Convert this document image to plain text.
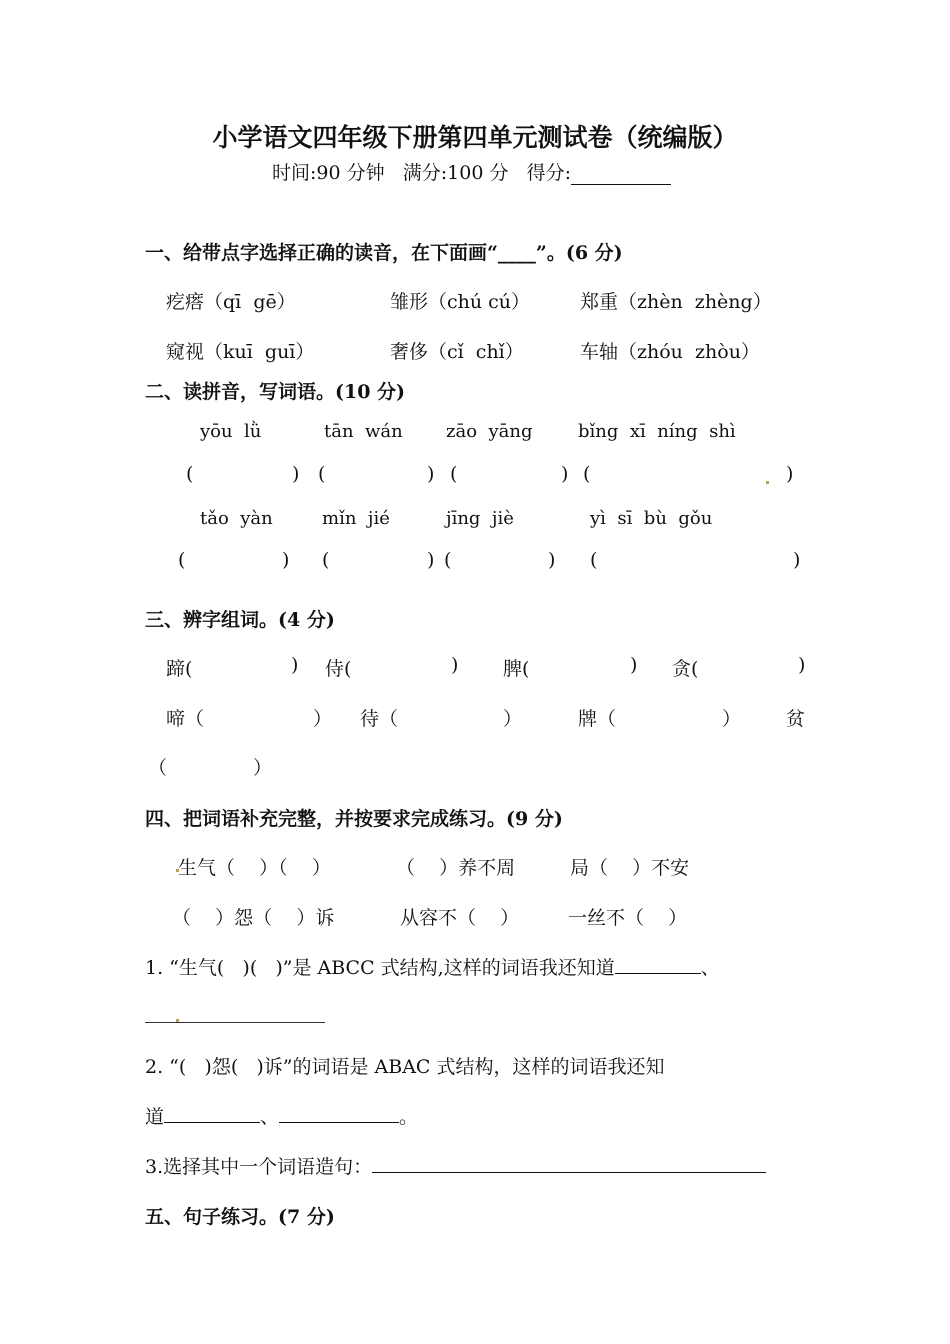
小学语文四年级下册第四单元测试卷（统编版）
时间:90 分钟 满分:100 分 得分:
一、给带点字选择正确的读音，在下面画“____”。(6 分)
疙瘩（qī  gē）	雏形（chú cú）	郑重（zhèn  zhèng）
窥视（kuī  guī）	奢侈（cǐ  chǐ）	车轴（zhóu  zhòu）
二、读拼音，写词语。(10 分)
yōu  lǜ	tān  wán zāo  yāng	bǐng  xī  níng  shì
(	) (	) (	) (	)
tǎo  yàn	mǐn  jié	jīng  jiè	yì  sī  bù  gǒu
(	) (	) (	) (	)
三、辨字组词。(4 分)
蹄(	) 侍(	) 脾(	) 贪(	)
啼（	） 待（	）	牌（	） 贫
（	）
四、把词语补充完整，并按要求完成练习。(9 分)
生气（    ）（    ）	（    ）养不周	局（    ）不安
（    ）怨（    ）诉	从容不（    ）	一丝不（    ）
1. “生气(   )(   )”是 ABCC 式结构,这样的词语我还知道	、
2. “(   )怨(   )诉”的词语是 ABAC 式结构，这样的词语我还知
道	、	。
3.选择其中一个词语造句：
五、句子练习。(7 分)
